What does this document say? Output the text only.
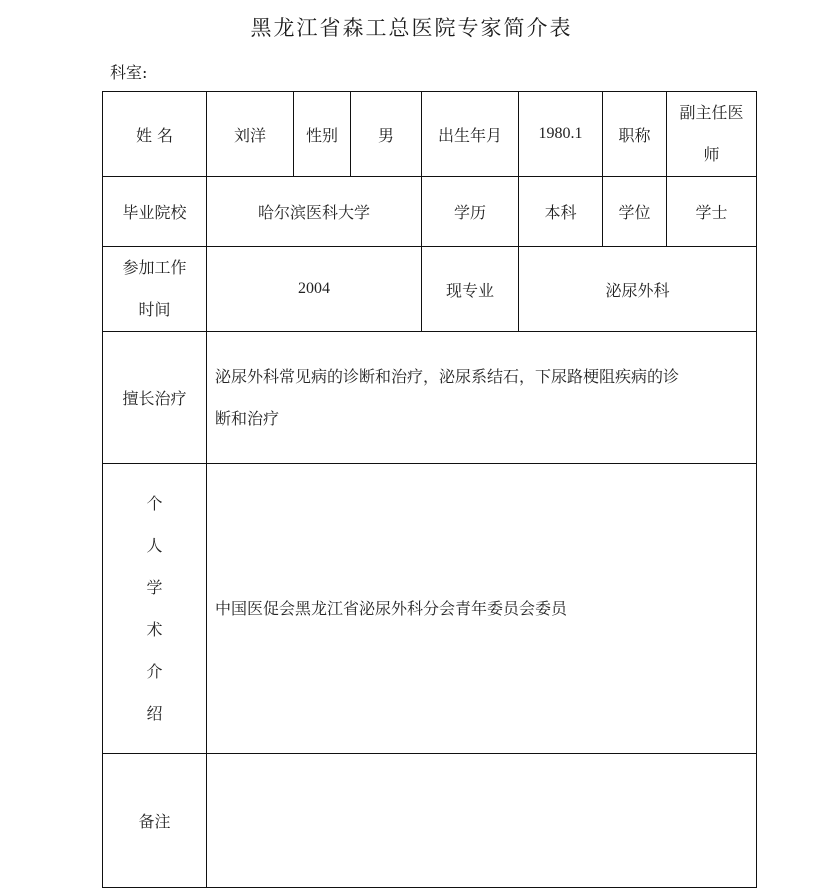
黑龙江省森工总医院专家简介表
科室:
姓 名	刘洋	性别	男	出生年月	1980.1	职称	副主任医
师

毕业院校	哈尔滨医科大学			学历	本科	学位	学士

参加工作
时间	2004			现专业	泌尿外科		
擅长治疗	泌尿外科常见病的诊断和治疗，泌尿系结石，下尿路梗阻疾病的诊
断和治疗						

个
人
学
术
介
绍
	中国医促会黑龙江省泌尿外科分会青年委员会委员
备注							
